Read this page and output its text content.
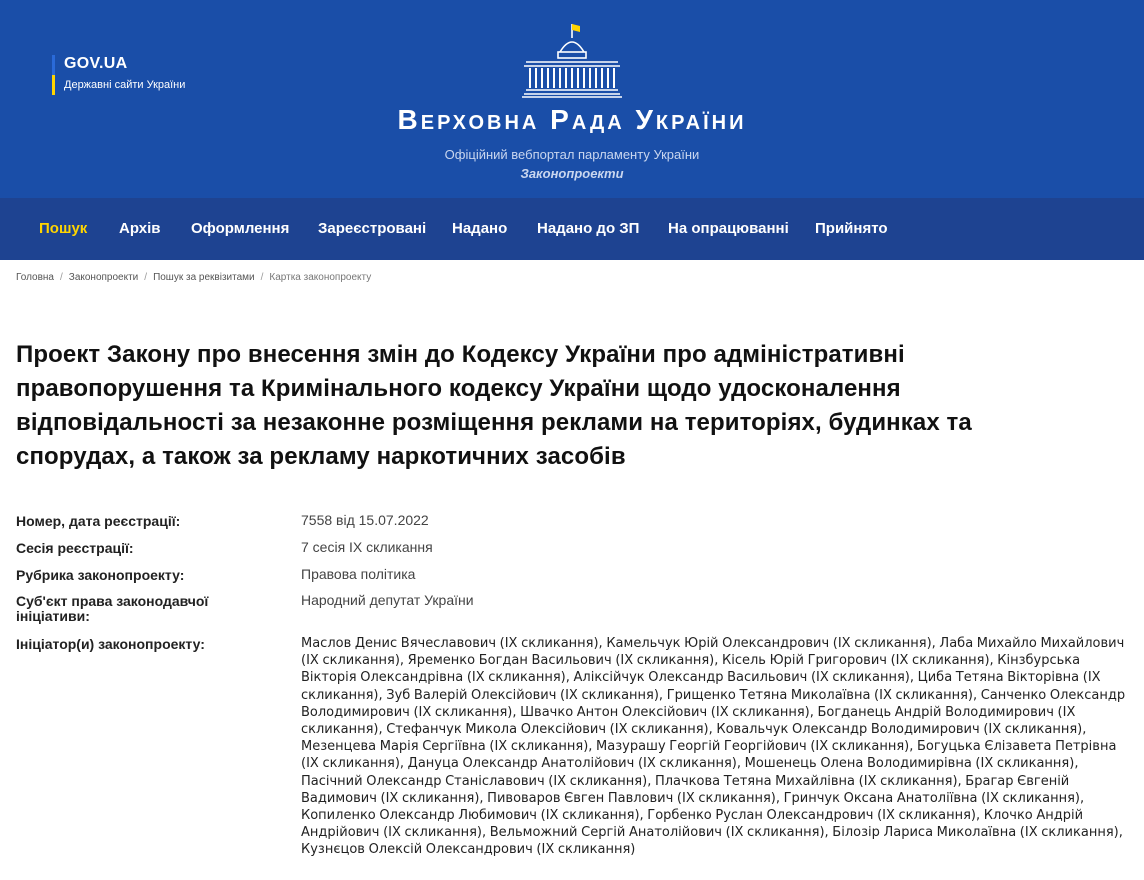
GOV.UA
Державні сайти України
Верховна Рада України
Офіційний вебпортал парламенту України
Законопроекти
Пошук Архів Оформлення Зареєстровані Надано Надано до ЗП На опрацюванні Прийнято
Головна / Законопроекти / Пошук за реквізитами / Картка законопроекту
Проект Закону про внесення змін до Кодексу України про адміністративні правопорушення та Кримінального кодексу України щодо удосконалення відповідальності за незаконне розміщення реклами на територіях, будинках та спорудах, а також за рекламу наркотичних засобів
Номер, дата реєстрації:	7558 від 15.07.2022
Сесія реєстрації:	7 сесія IX скликання
Рубрика законопроекту:	Правова політика
Суб'єкт права законодавчої ініціативи:
Народний депутат України
Ініціатор(и) законопроекту:	Маслов Денис Вячеславович (IX скликання), Камельчук Юрій Олександрович (IX скликання), Лаба Михайло Михайлович (IX скликання), Яременко Богдан Васильович (IX скликання), Кісель Юрій Григорович (IX скликання), Кінзбурська Вікторія Олександрівна (IX скликання), Аліксійчук Олександр Васильович (IX скликання), Циба Тетяна Вікторівна (IX скликання), Зуб Валерій Олексійович (IX скликання), Грищенко Тетяна Миколаївна (IX скликання), Санченко Олександр Володимирович (IX скликання), Швачко Антон Олексійович (IX скликання), Богданець Андрій Володимирович (IX скликання), Стефанчук Микола Олексійович (IX скликання), Ковальчук Олександр Володимирович (IX скликання), Мезенцева Марія Сергіївна (IX скликання), Мазурашу Георгій Георгійович (IX скликання), Богуцька Єлізавета Петрівна (IX скликання), Дануца Олександр Анатолійович (IX скликання), Мошенець Олена Володимирівна (IX скликання), Пасічний Олександр Станіславович (IX скликання), Плачкова Тетяна Михайлівна (IX скликання), Брагар Євгеній Вадимович (IX скликання), Пивоваров Євген Павлович (IX скликання), Гринчук Оксана Анатоліївна (IX скликання), Копиленко Олександр Любимович (IX скликання), Горбенко Руслан Олександрович (IX скликання), Клочко Андрій Андрійович (IX скликання), Вельможний Сергій Анатолійович (IX скликання), Білозір Лариса Миколаївна (IX скликання), Кузнєцов Олексій Олександрович (IX скликання)
